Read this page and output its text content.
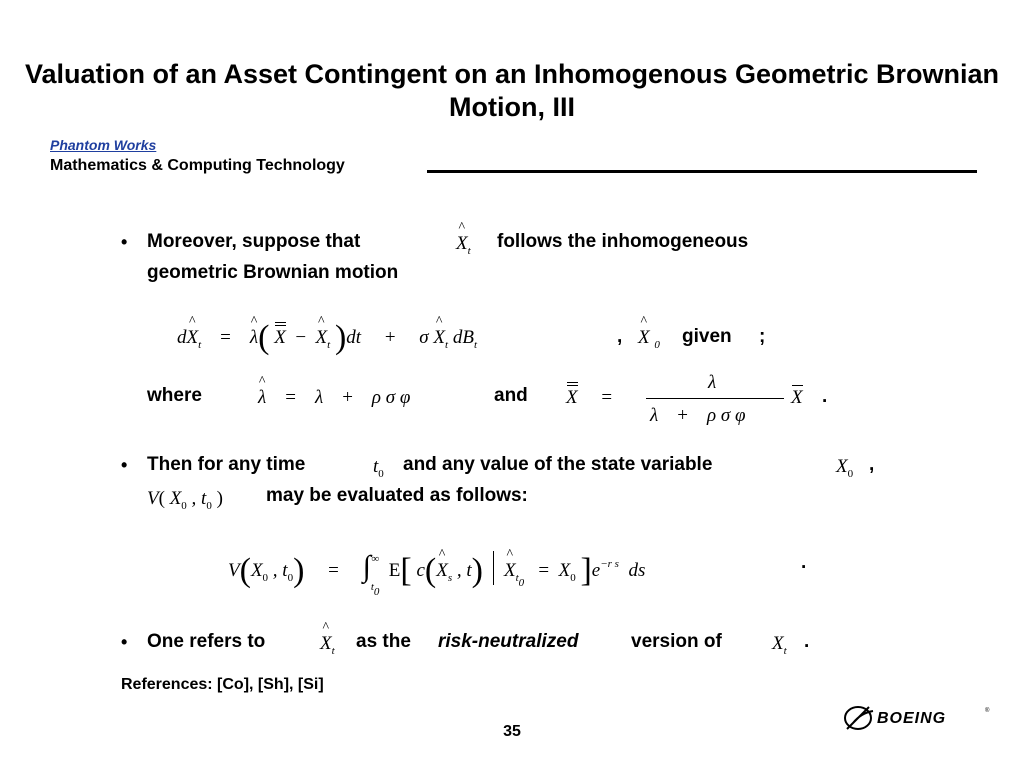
Valuation of an Asset Contingent on an Inhomogenous Geometric Brownian Motion, III
Phantom Works
Mathematics & Computing Technology
• Moreover, suppose that	^ $X_t$ follows the inhomogeneous
geometric Brownian motion
d^ $X_t$ = ^ λ( X − ^ $X_t$ )dt + σ ^ $X_t$ $dB_t$	, ^ X $_0$ given ;
where	^ λ = λ + ρ σ φ	and X =
λ
λ    +    ρ σ φ
X .
• Then for any time	$t_0$ and any value of the state variable	$X_0$ ,
V( $X_0$ , $t_0$ ) may be evaluated as follows:
$V(X_0$ , $t_0) = \int_{t_0}^\infty$  E[ c(^ $X_s$ , t) ^ $X_{t_0} = X_0$ ]$e^{-r s}$  ds	.
• One refers to	^ $X_t$ as the risk-neutralized	version of	$X_t$ .
References: [Co], [Sh], [Si]
35
BOEING	®
